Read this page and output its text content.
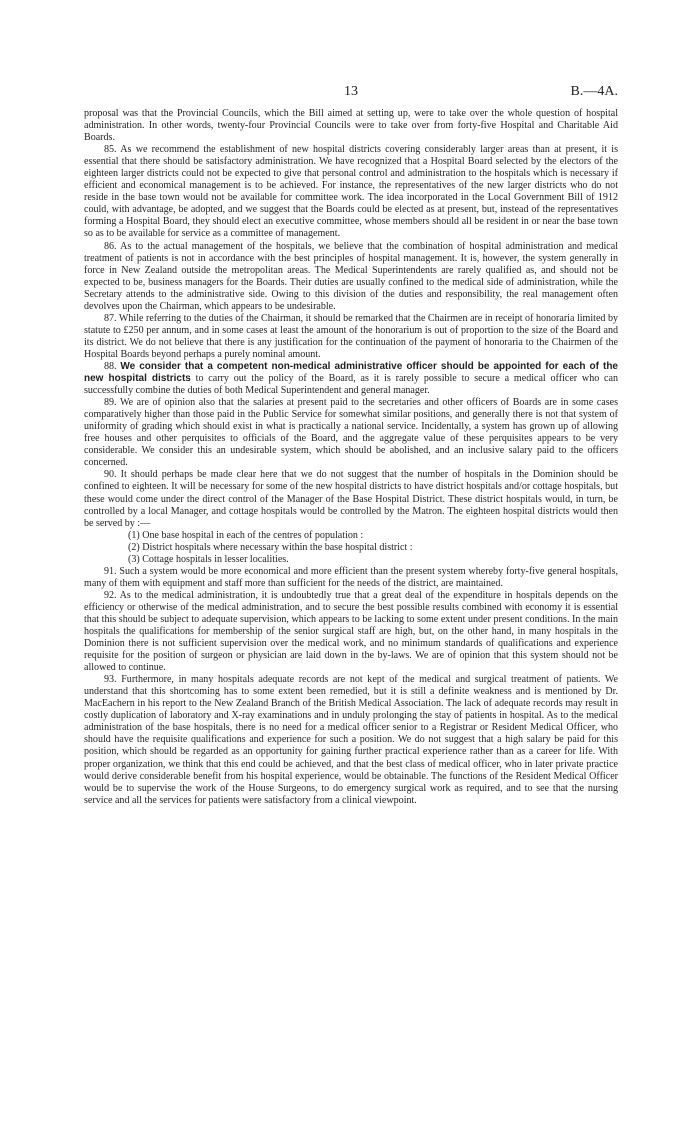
13	B.—4A.

proposal was that the Provincial Councils, which the Bill aimed at setting up, were to take over the whole question of hospital administration. In other words, twenty-four Provincial Councils were to take over from forty-five Hospital and Charitable Aid Boards.

85. As we recommend the establishment of new hospital districts covering considerably larger areas than at present, it is essential that there should be satisfactory administration. We have recognized that a Hospital Board selected by the electors of the eighteen larger districts could not be expected to give that personal control and administration to the hospitals which is necessary if efficient and economical management is to be achieved. For instance, the representatives of the new larger districts who do not reside in the base town would not be available for committee work. The idea incorporated in the Local Government Bill of 1912 could, with advantage, be adopted, and we suggest that the Boards could be elected as at present, but, instead of the representatives forming a Hospital Board, they should elect an executive committee, whose members should all be resident in or near the base town so as to be available for service as a committee of management.

86. As to the actual management of the hospitals, we believe that the combination of hospital administration and medical treatment of patients is not in accordance with the best principles of hospital management. It is, however, the system generally in force in New Zealand outside the metropolitan areas. The Medical Superintendents are rarely qualified as, and should not be expected to be, business managers for the Boards. Their duties are usually confined to the medical side of administration, while the Secretary attends to the administrative side. Owing to this division of the duties and responsibility, the real management often devolves upon the Chairman, which appears to be undesirable.

87. While referring to the duties of the Chairman, it should be remarked that the Chairmen are in receipt of honoraria limited by statute to £250 per annum, and in some cases at least the amount of the honorarium is out of proportion to the size of the Board and its district. We do not believe that there is any justification for the continuation of the payment of honoraria to the Chairmen of the Hospital Boards beyond perhaps a purely nominal amount.

88. We consider that a competent non-medical administrative officer should be appointed for each of the new hospital districts to carry out the policy of the Board, as it is rarely possible to secure a medical officer who can successfully combine the duties of both Medical Superintendent and general manager.

89. We are of opinion also that the salaries at present paid to the secretaries and other officers of Boards are in some cases comparatively higher than those paid in the Public Service for somewhat similar positions, and generally there is not that system of uniformity of grading which should exist in what is practically a national service. Incidentally, a system has grown up of allowing free houses and other perquisites to officials of the Board, and the aggregate value of these perquisites appears to be very considerable. We consider this an undesirable system, which should be abolished, and an inclusive salary paid to the officers concerned.

90. It should perhaps be made clear here that we do not suggest that the number of hospitals in the Dominion should be confined to eighteen. It will be necessary for some of the new hospital districts to have district hospitals and/or cottage hospitals, but these would come under the direct control of the Manager of the Base Hospital District. These district hospitals would, in turn, be controlled by a local Manager, and cottage hospitals would be controlled by the Matron. The eighteen hospital districts would then be served by :—

(1) One base hospital in each of the centres of population :

(2) District hospitals where necessary within the base hospital district :

(3) Cottage hospitals in lesser localities.

91. Such a system would be more economical and more efficient than the present system whereby forty-five general hospitals, many of them with equipment and staff more than sufficient for the needs of the district, are maintained.

92. As to the medical administration, it is undoubtedly true that a great deal of the expenditure in hospitals depends on the efficiency or otherwise of the medical administration, and to secure the best possible results combined with economy it is essential that this should be subject to adequate supervision, which appears to be lacking to some extent under present conditions. In the main hospitals the qualifications for membership of the senior surgical staff are high, but, on the other hand, in many hospitals in the Dominion there is not sufficient supervision over the medical work, and no minimum standards of qualifications and experience requisite for the position of surgeon or physician are laid down in the by-laws. We are of opinion that this system should not be allowed to continue.

93. Furthermore, in many hospitals adequate records are not kept of the medical and surgical treatment of patients. We understand that this shortcoming has to some extent been remedied, but it is still a definite weakness and is mentioned by Dr. MacEachern in his report to the New Zealand Branch of the British Medical Association. The lack of adequate records may result in costly duplication of laboratory and X-ray examinations and in unduly prolonging the stay of patients in hospital. As to the medical administration of the base hospitals, there is no need for a medical officer senior to a Registrar or Resident Medical Officer, who should have the requisite qualifications and experience for such a position. We do not suggest that a high salary be paid for this position, which should be regarded as an opportunity for gaining further practical experience rather than as a career for life. With proper organization, we think that this end could be achieved, and that the best class of medical officer, who in later private practice would derive considerable benefit from his hospital experience, would be obtainable. The functions of the Resident Medical Officer would be to supervise the work of the House Surgeons, to do emergency surgical work as required, and to see that the nursing service and all the services for patients were satisfactory from a clinical viewpoint.
